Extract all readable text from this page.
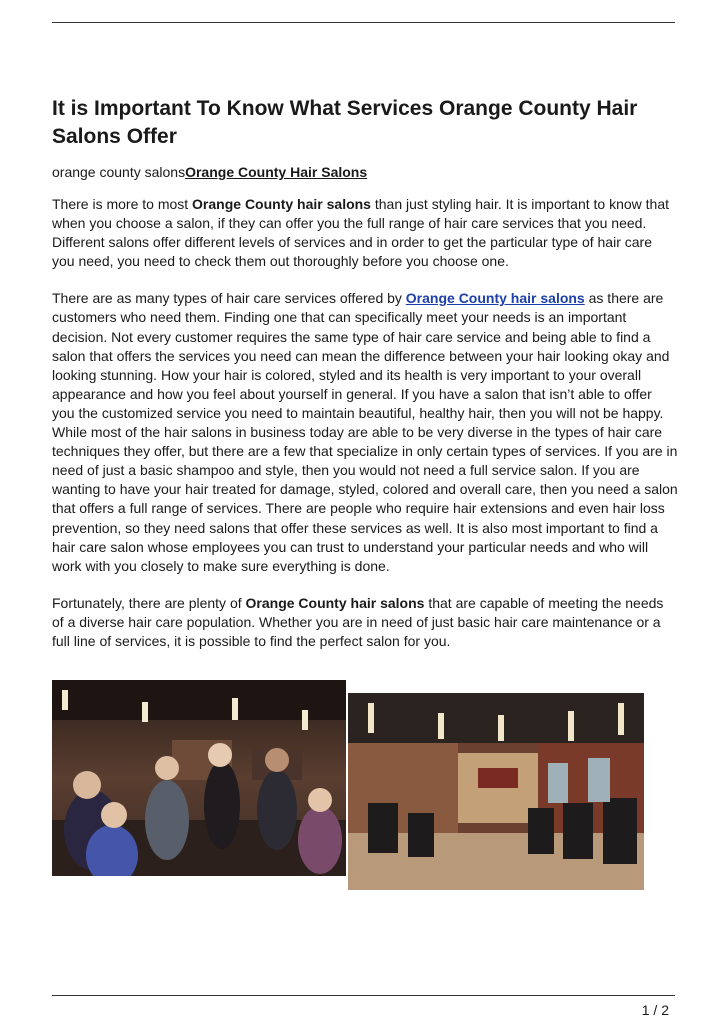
It is Important To Know What Services Orange County Hair Salons Offer
orange county salonsOrange County Hair Salons

There is more to most Orange County hair salons than just styling hair. It is important to know that when you choose a salon, if they can offer you the full range of hair care services that you need. Different salons offer different levels of services and in order to get the particular type of hair care you need, you need to check them out thoroughly before you choose one.

There are as many types of hair care services offered by Orange County hair salons as there are customers who need them. Finding one that can specifically meet your needs is an important decision. Not every customer requires the same type of hair care service and being able to find a salon that offers the services you need can mean the difference between your hair looking okay and looking stunning. How your hair is colored, styled and its health is very important to your overall appearance and how you feel about yourself in general. If you have a salon that isn’t able to offer you the customized service you need to maintain beautiful, healthy hair, then you will not be happy. While most of the hair salons in business today are able to be very diverse in the types of hair care techniques they offer, but there are a few that specialize in only certain types of services. If you are in need of just a basic shampoo and style, then you would not need a full service salon. If you are wanting to have your hair treated for damage, styled, colored and overall care, then you need a salon that offers a full range of services. There are people who require hair extensions and even hair loss prevention, so they need salons that offer these services as well. It is also most important to find a hair care salon whose employees you can trust to understand your particular needs and who will work with you closely to make sure everything is done.

Fortunately, there are plenty of Orange County hair salons that are capable of meeting the needs of a diverse hair care population. Whether you are in need of just basic hair care maintenance or a full line of services, it is possible to find the perfect salon for you.

1 / 2
